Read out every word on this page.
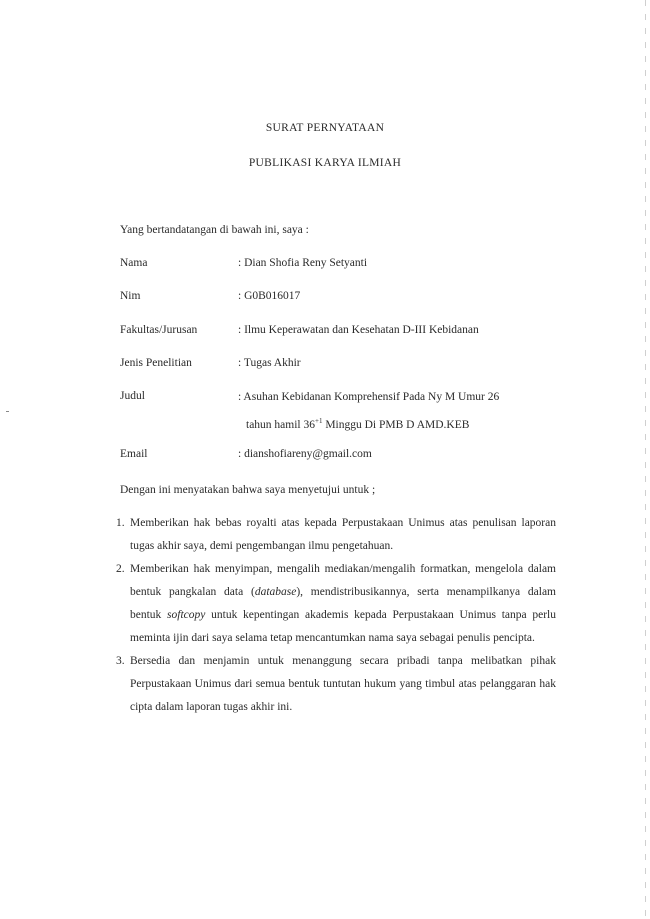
SURAT PERNYATAAN
PUBLIKASI KARYA ILMIAH
Yang bertandatangan di bawah ini, saya :
Nama	: Dian Shofia Reny Setyanti
Nim	: G0B016017
Fakultas/Jurusan	: Ilmu Keperawatan dan Kesehatan D-III Kebidanan
Jenis Penelitian	: Tugas Akhir
Judul	: Asuhan Kebidanan Komprehensif Pada Ny M Umur 26
tahun hamil $36^{+1}$ Minggu Di PMB D AMD.KEB
Email	: dianshofiareny@gmail.com
Dengan ini menyatakan bahwa saya menyetujui untuk ;
1. Memberikan hak bebas royalti atas kepada Perpustakaan Unimus atas penulisan laporan tugas akhir saya, demi pengembangan ilmu pengetahuan.
2. Memberikan hak menyimpan, mengalih mediakan/mengalih formatkan, mengelola dalam bentuk pangkalan data (database), mendistribusikannya, serta menampilkanya dalam bentuk softcopy untuk kepentingan akademis kepada Perpustakaan Unimus tanpa perlu meminta ijin dari saya selama tetap mencantumkan nama saya sebagai penulis pencipta.
3. Bersedia dan menjamin untuk menanggung secara pribadi tanpa melibatkan pihak Perpustakaan Unimus dari semua bentuk tuntutan hukum yang timbul atas pelanggaran hak cipta dalam laporan tugas akhir ini.
